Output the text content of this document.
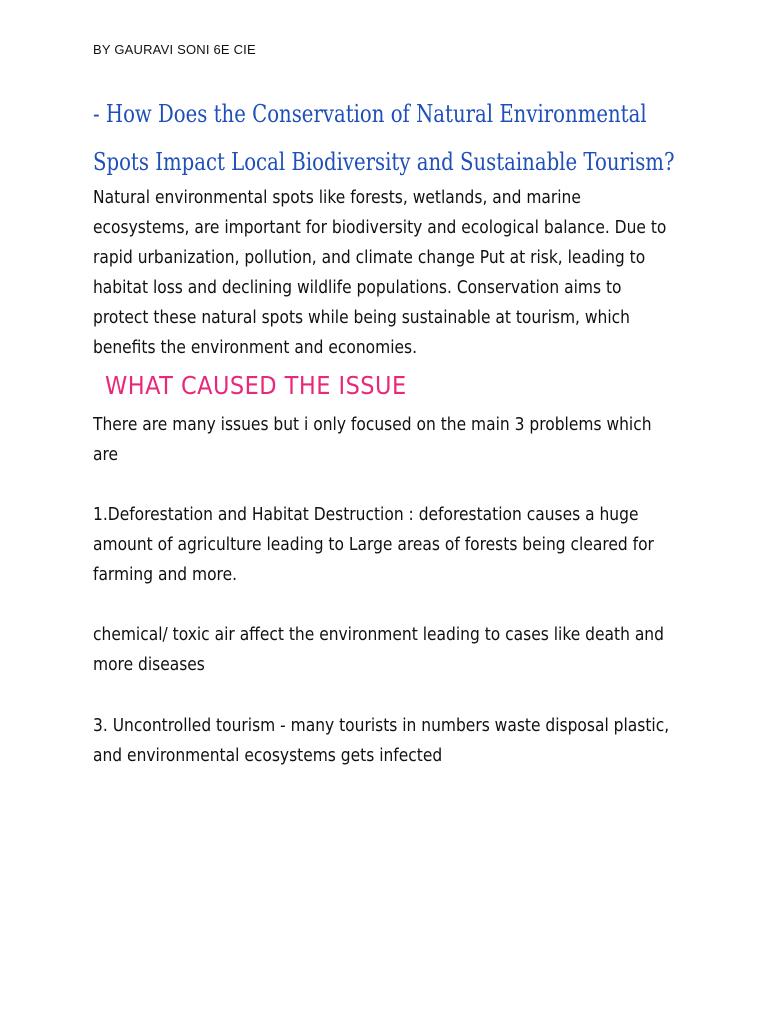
BY GAURAVI SONI 6E CIE
- How Does the Conservation of Natural Environmental Spots Impact Local Biodiversity and Sustainable Tourism?
Natural environmental spots like forests, wetlands, and marine ecosystems, are important for biodiversity and ecological balance. Due to rapid urbanization, pollution, and climate change Put at risk, leading to habitat loss and declining wildlife populations. Conservation aims to protect these natural spots while being sustainable at tourism, which benefits the environment and economies.
WHAT CAUSED THE ISSUE
There are many issues but i only focused on the main 3 problems which are
1.Deforestation and Habitat Destruction : deforestation causes a huge amount of agriculture leading to Large areas of forests being cleared for farming and more.
chemical/ toxic air affect the environment leading to cases like death and more diseases
3. Uncontrolled tourism - many tourists in numbers waste disposal plastic, and environmental ecosystems gets infected
